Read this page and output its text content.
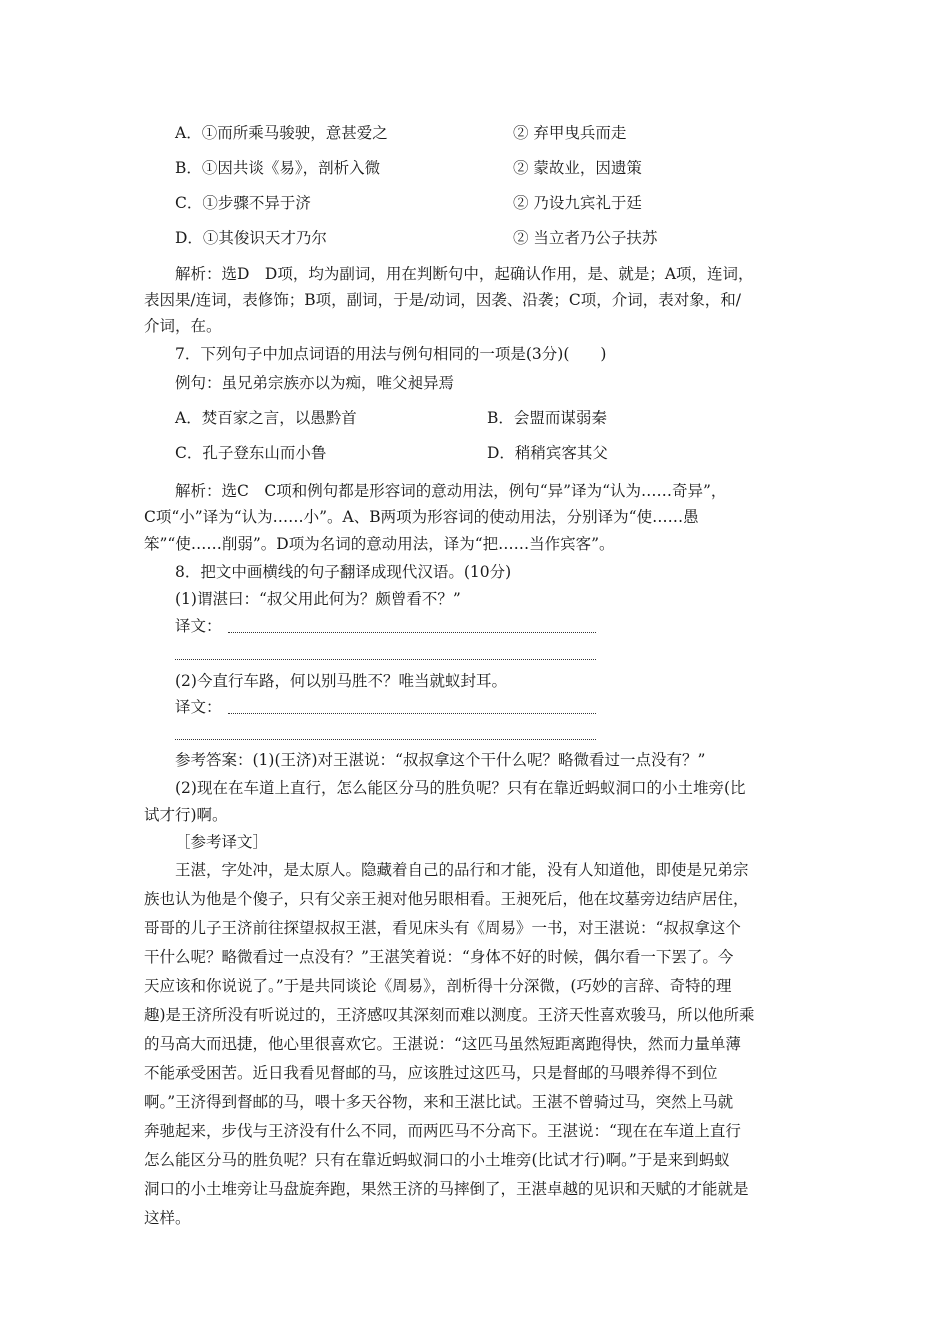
A．①而所乘马骏驶，意甚爱之	② 弃甲曳兵而走
B．①因共谈《易》，剖析入微	② 蒙故业，因遗策
C．①步骤不异于济	② 乃设九宾礼于廷
D．①其俊识天才乃尔	② 当立者乃公子扶苏
解析：选D　D项，均为副词，用在判断句中，起确认作用，是、就是；A项，连词，
表因果/连词，表修饰；B项，副词，于是/动词，因袭、沿袭；C项，介词，表对象，和/
介词，在。
7．下列句子中加点词语的用法与例句相同的一项是(3分)(　　)
例句：虽兄弟宗族亦以为痴，唯父昶异焉
A．焚百家之言，以愚黔首	B．会盟而谋弱秦
C．孔子登东山而小鲁	D．稍稍宾客其父
解析：选C　C项和例句都是形容词的意动用法，例句“异”译为“认为……奇异”，
C项“小”译为“认为……小”。A、B两项为形容词的使动用法，分别译为“使……愚
笨”“使……削弱”。D项为名词的意动用法，译为“把……当作宾客”。
8．把文中画横线的句子翻译成现代汉语。(10分)
(1)谓湛曰：“叔父用此何为？颇曾看不？”
译文：
(2)今直行车路，何以别马胜不？唯当就蚁封耳。
译文：
参考答案：(1)(王济)对王湛说：“叔叔拿这个干什么呢？略微看过一点没有？”
(2)现在在车道上直行，怎么能区分马的胜负呢？只有在靠近蚂蚁洞口的小土堆旁(比
试才行)啊。
［参考译文］
王湛，字处冲，是太原人。隐藏着自己的品行和才能，没有人知道他，即使是兄弟宗
族也认为他是个傻子，只有父亲王昶对他另眼相看。王昶死后，他在坟墓旁边结庐居住，
哥哥的儿子王济前往探望叔叔王湛，看见床头有《周易》一书，对王湛说：“叔叔拿这个
干什么呢？略微看过一点没有？”王湛笑着说：“身体不好的时候，偶尔看一下罢了。今
天应该和你说说了。”于是共同谈论《周易》，剖析得十分深微，(巧妙的言辞、奇特的理
趣)是王济所没有听说过的，王济感叹其深刻而难以测度。王济天性喜欢骏马，所以他所乘
的马高大而迅捷，他心里很喜欢它。王湛说：“这匹马虽然短距离跑得快，然而力量单薄
不能承受困苦。近日我看见督邮的马，应该胜过这匹马，只是督邮的马喂养得不到位
啊。”王济得到督邮的马，喂十多天谷物，来和王湛比试。王湛不曾骑过马，突然上马就
奔驰起来，步伐与王济没有什么不同，而两匹马不分高下。王湛说：“现在在车道上直行
怎么能区分马的胜负呢？只有在靠近蚂蚁洞口的小土堆旁(比试才行)啊。”于是来到蚂蚁
洞口的小土堆旁让马盘旋奔跑，果然王济的马摔倒了，王湛卓越的见识和天赋的才能就是
这样。
